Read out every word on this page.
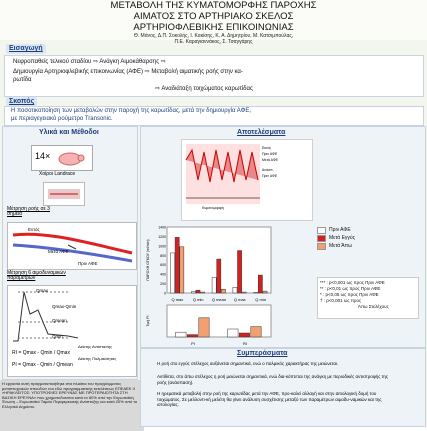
ΜΕΤΑΒΟΛΗ ΤΗΣ ΚΥΜΑΤΟΜΟΡΦΗΣ ΠΑΡΟΧΗΣ
ΑΙΜΑΤΟΣ ΣΤΟ ΑΡΤΗΡΙΑΚΟ ΣΚΕΛΟΣ
ΑΡΤΗΡΙΟΦΛΕΒΙΚΗΣ ΕΠΙΚΟΙΝΩΝΙΑΣ
Θ. Μάνος, Δ.Π. Σοκολής, Ι. Κακίσης, Κ. Α. Δημητρίου, Μ. Κατσιμπούλας,
Π.Ε. Καραγιαννάκος, Σ. Τσαγγάρης
Εισαγωγή
Νεφροπαθείς τελικού σταδίου ⇨ Ανάγκη Αιμοκάθαρσης ⇨
Δημιουργία Αρτηριοφλεβικής επικοινωνίας (ΑΦΕ) ⇨ Μεταβολή αιματικής ροής στην κα-
ρωτίδα
⇨ Αναδιάταξη τοιχώματος καρωτίδας
Σκοπός
Η ποσοτικοποίηση των μεταβολών στην παροχή της καρωτίδας, μετά την δημιουργία ΑΦΕ,
με περιαγεγειακό ρούμετρο Transonic.
Υλικά και Μέθοδοι
14×
Χοίροι Landrace
Μέτρηση ροής σε 3 σημεία
Εντός
Μετά ΑΦΕ
Πριν ΑΦΕ
Μέτρηση 6 αιμοδυναμικών παραμέτρων
Qmax
Qmax-Qmin
Qmean
Qmin
RI = Qmax - Qmin / Qmax
PI = Qmax - Qmin / Qmean
Δείκτης Αντίστασης
Δείκτης Παλμικότητας
Η εργασία αυτή πραγματοποιήθηκε στα πλαίσια του προγράμματος μεταπτυχιακών σπουδών του εδώ προγραμματικής εκτελέσεως ΕΠΕΑΕΚ ΙΙ «ΗΡΑΚΛΕΙΤΟΣ: ΥΠΟΤΡΟΦΙΕΣ ΕΡΕΥΝΑΣ ΜΕ ΠΡΟΤΕΡΑΙΟΤΗΤΑ ΣΤΗ ΒΑΣΙΚΗ ΕΡΕΥΝΑ» που χρηματοδοτείται κατά το 80% από την Ευρωπαϊκή Ένωση – Ευρωπαϊκό Ταμείο Περιφερειακής Ανάπτυξης και κατά 20% από το Ελληνικό Δημόσιο.
Αποτελέσματα
Εκτός
Πριν ΑΦΕ
Μετά ΑΦΕ
Ανάσπ.
Πριν ΑΦΕ
Κυματομορφή
Q max Q min Q mean Q max Q min
0
200
400
600
800
1000
1200
1400
ΠΑΡΟΧΗ ΟΓΚΟΥ (ml/min)
PI	RI
Τιμή PI
Πριν ΑΦΕ
Μετά Εγγύς
Μετά Άπω
*** : p<0,001 ως προς Πριν ΑΦΕ
** : p<0,01 ως προς Πριν ΑΦΕ
* : p<0,05 ως προς Πριν ΑΦΕ
† : p<0,001 ως προς
Άπω Στελέχους
Συμπεράσματα
Η ροή στο εγγύς στέλεχος αυξάνεται σημαντικά, ενώ ο παλμικός χαρακτήρας της μειώνεται.
Αντίθετα, στο άπω στέλεχος η ροή μειώνεται σημαντικά, ενώ δια-κόπτεται της ανάγκη με περιοδικές αντιστροφής της ροής (ανάσπαση).
Η ηρεματικά μεταβολή στην ροή της καρωτίδας μετά την ΑΦΕ, προ-καλεί αλλαγή και στην αιτιολογική δομή του τοιχώματος. Σε μελλοντι-κή μελέτη θα γίνει ανάλυση συσχέτισης μεταξύ των παραμέτρων αιμοδυ-ναμικών και της ιστολογίας.
